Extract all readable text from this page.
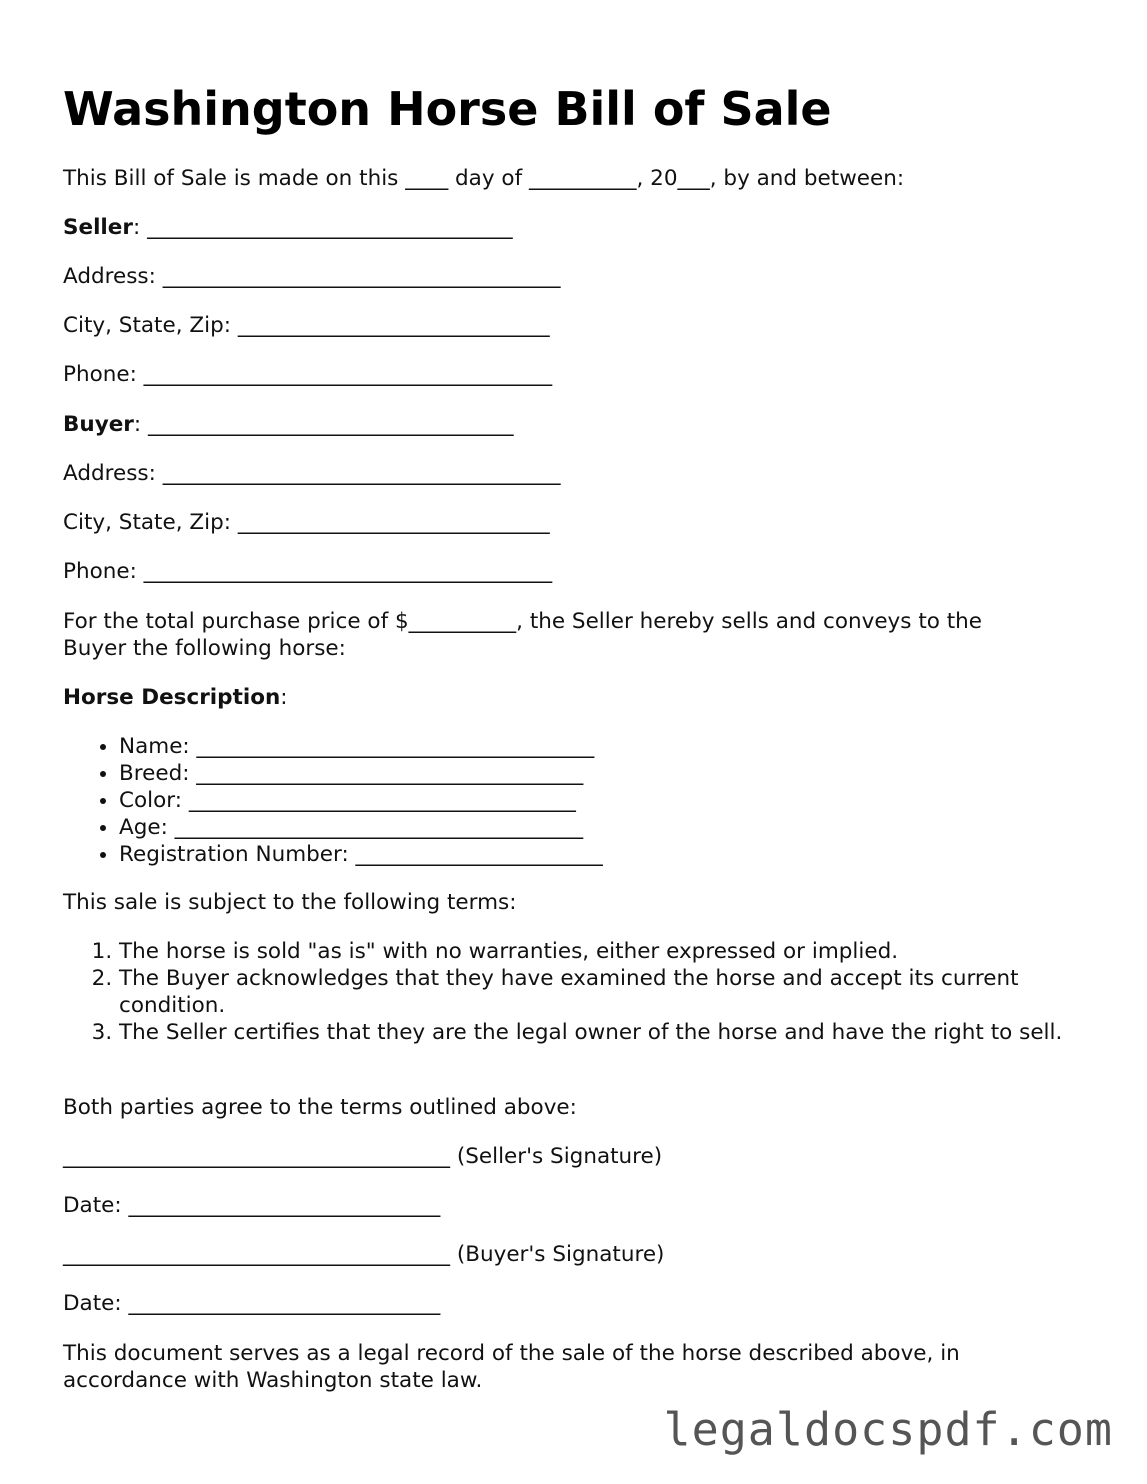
Washington Horse Bill of Sale

This Bill of Sale is made on this ____ day of __________, 20___, by and between:

Seller: __________________________________

Address: _____________________________________

City, State, Zip: _____________________________

Phone: ______________________________________

Buyer: __________________________________

Address: _____________________________________

City, State, Zip: _____________________________

Phone: ______________________________________

For the total purchase price of $__________, the Seller hereby sells and conveys to the Buyer the following horse:

Horse Description:

• Name: _____________________________________
• Breed: ____________________________________
• Color: ____________________________________
• Age: ______________________________________
• Registration Number: _______________________

This sale is subject to the following terms:

1. The horse is sold "as is" with no warranties, either expressed or implied.
2. The Buyer acknowledges that they have examined the horse and accept its current condition.
3. The Seller certifies that they are the legal owner of the horse and have the right to sell.

Both parties agree to the terms outlined above:

____________________________________ (Seller's Signature)

Date: _____________________________

____________________________________ (Buyer's Signature)

Date: _____________________________

This document serves as a legal record of the sale of the horse described above, in accordance with Washington state law.

legaldocspdf.com
